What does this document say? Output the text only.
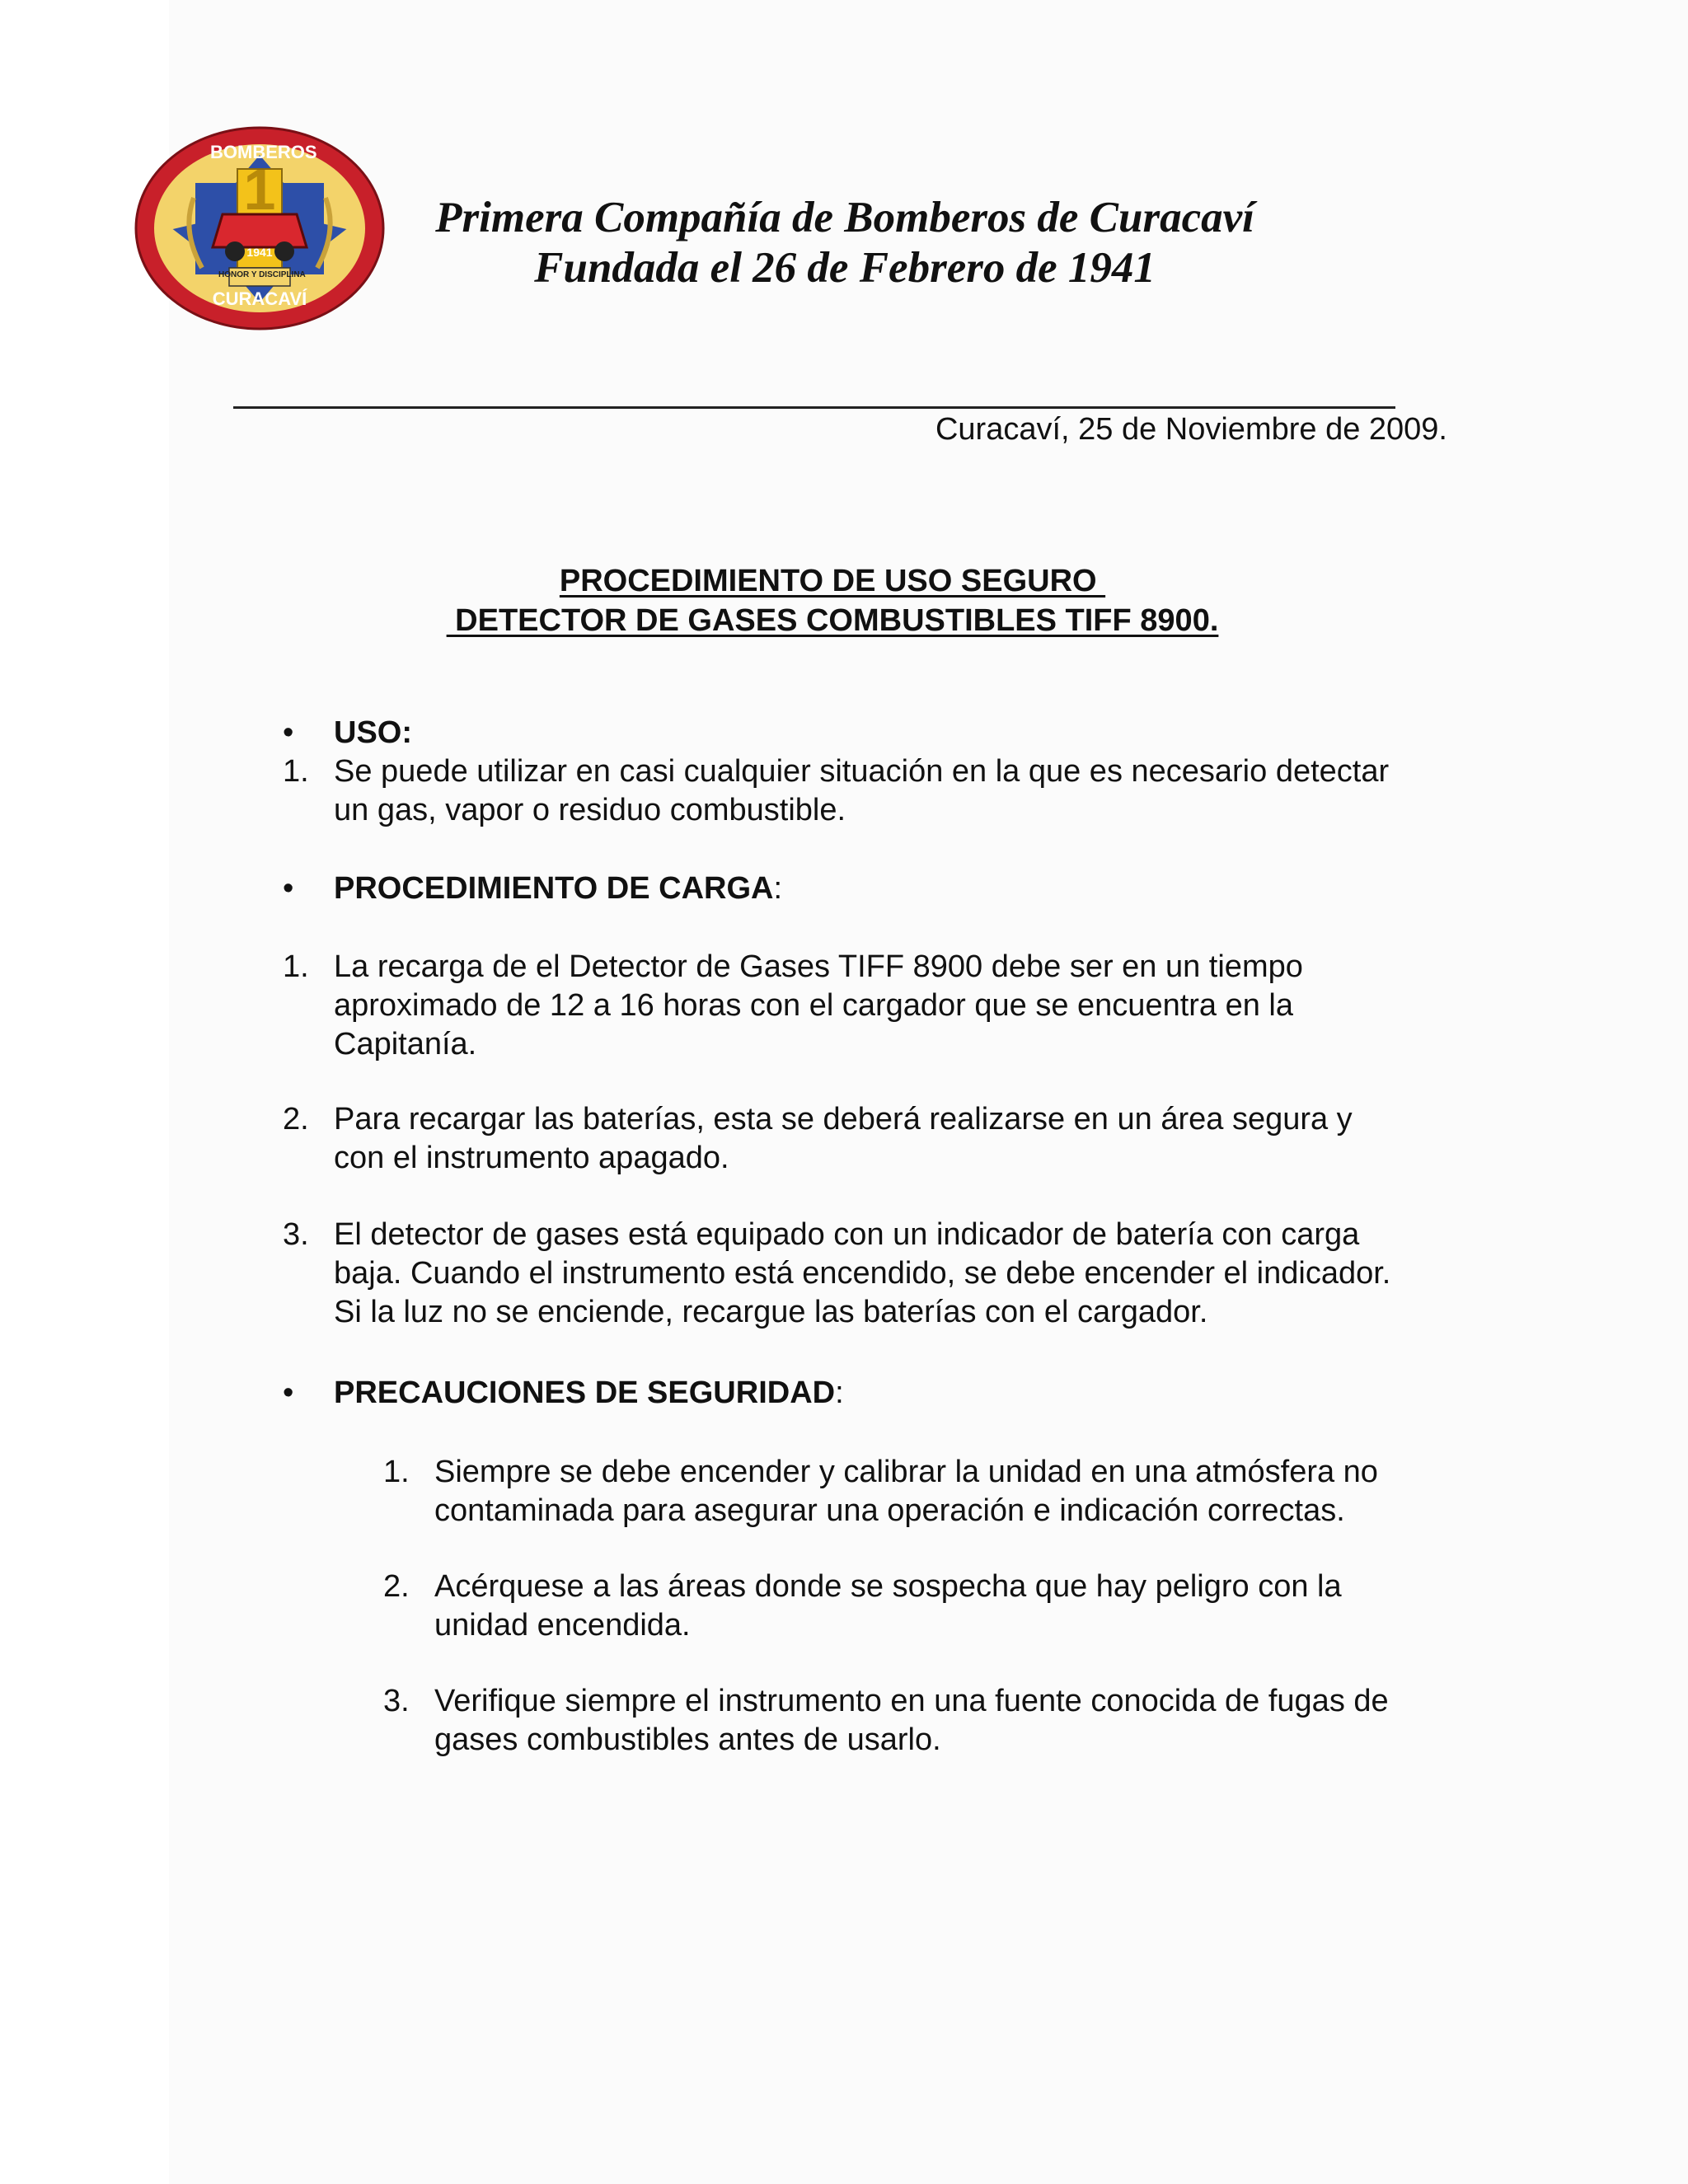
BOMBEROS
1
1941
HONOR Y DISCIPLINA
CURACAVÍ
Primera Compañía de Bomberos de Curacaví
Fundada el 26 de Febrero de 1941
Curacaví, 25 de Noviembre de 2009.
PROCEDIMIENTO DE USO SEGURO
DETECTOR DE GASES COMBUSTIBLES TIFF 8900.
•	USO:
1. Se puede utilizar en casi cualquier situación en la que es necesario detectar
un gas, vapor o residuo combustible.
•	PROCEDIMIENTO DE CARGA:
1. La recarga de el Detector de Gases TIFF 8900 debe ser en un tiempo
aproximado de 12 a 16 horas con el cargador que se encuentra en la
Capitanía.
2. Para recargar las baterías, esta se deberá realizarse en un área segura y
con el instrumento apagado.
3. El detector de gases está equipado con un indicador de batería con carga
baja. Cuando el instrumento está encendido, se debe encender el indicador.
Si la luz no se enciende, recargue las baterías con el cargador.
•	PRECAUCIONES DE SEGURIDAD:
1. Siempre se debe encender y calibrar la unidad en una atmósfera no
contaminada para asegurar una operación e indicación correctas.
2. Acérquese a las áreas donde se sospecha que hay peligro con la
unidad encendida.
3. Verifique siempre el instrumento en una fuente conocida de fugas de
gases combustibles antes de usarlo.
